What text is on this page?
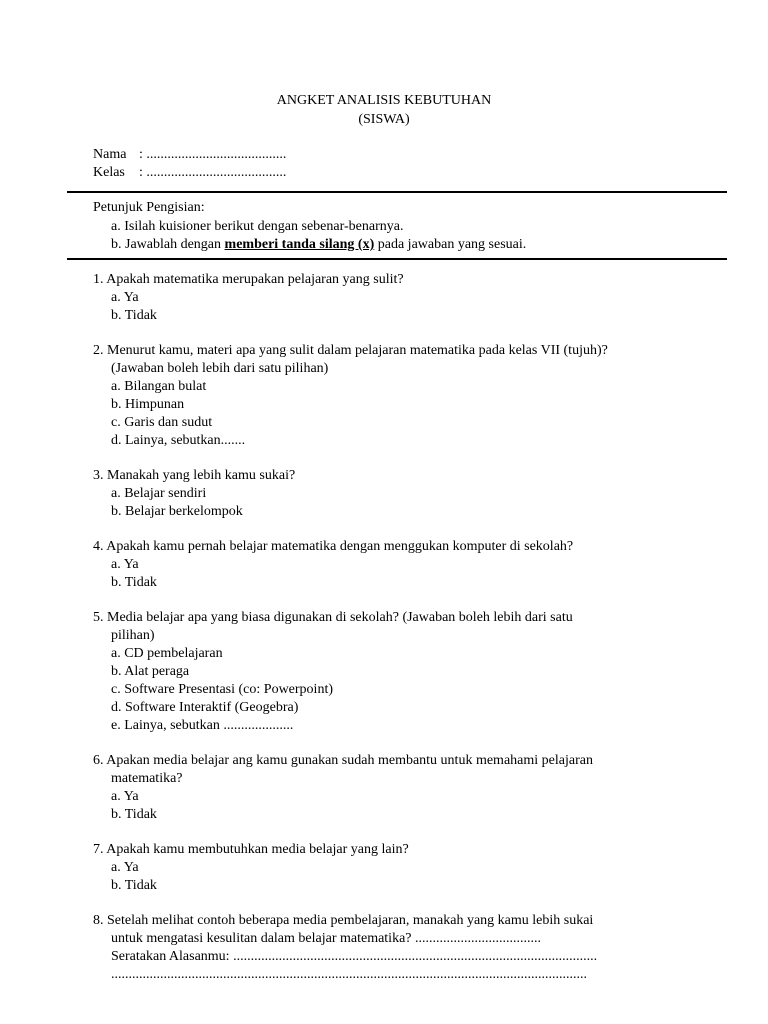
ANGKET ANALISIS KEBUTUHAN
(SISWA)
Nama : ........................................
Kelas : ........................................
Petunjuk Pengisian:
a. Isilah kuisioner berikut dengan sebenar-benarnya.
b. Jawablah dengan memberi tanda silang (x) pada jawaban yang sesuai.
1. Apakah matematika merupakan pelajaran yang sulit?
a. Ya
b. Tidak
2. Menurut kamu, materi apa yang sulit dalam pelajaran matematika pada kelas VII (tujuh)?
(Jawaban boleh lebih dari satu pilihan)
a. Bilangan bulat
b. Himpunan
c. Garis dan sudut
d. Lainya, sebutkan.......
3. Manakah yang lebih kamu sukai?
a. Belajar sendiri
b. Belajar berkelompok
4. Apakah kamu pernah belajar matematika dengan menggukan komputer di sekolah?
a. Ya
b. Tidak
5. Media belajar apa yang biasa digunakan di sekolah? (Jawaban boleh lebih dari satu
pilihan)
a. CD pembelajaran
b. Alat peraga
c. Software Presentasi (co: Powerpoint)
d. Software Interaktif (Geogebra)
e. Lainya, sebutkan ....................
6. Apakan media belajar ang kamu gunakan sudah membantu untuk memahami pelajaran
matematika?
a. Ya
b. Tidak
7. Apakah kamu membutuhkan media belajar yang lain?
a. Ya
b. Tidak
8. Setelah melihat contoh beberapa media pembelajaran, manakah yang kamu lebih sukai
untuk mengatasi kesulitan dalam belajar matematika? ....................................
Seratakan Alasanmu: ........................................................................................................
........................................................................................................................................
